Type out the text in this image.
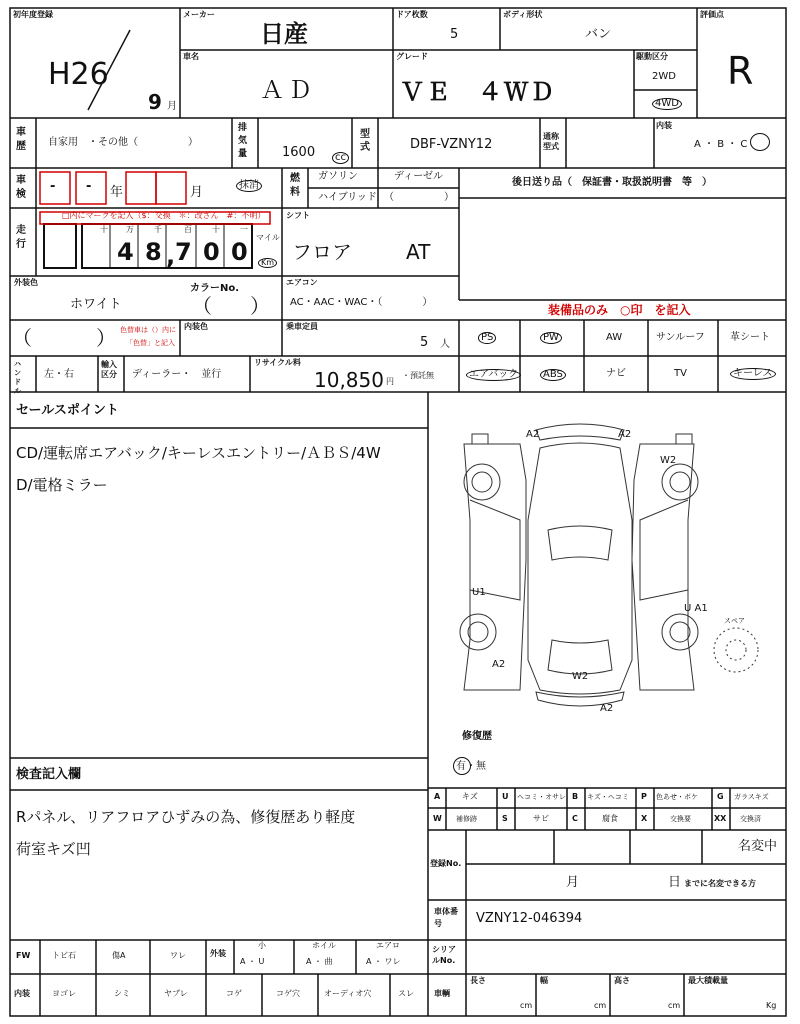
初年度登録
H26
9 月
メーカー
日産
ドア枚数
5
ボディ形状
バン
評価点
R
車名
ＡＤ
グレード
ＶＥ　４ＷＤ
駆動区分
2WD
4WD
車歴 自家用　・その他（　　　　　）
排気量	1600	cc
型式	DBF-VZNY12
通称型式
内装
A ・ B ・ C
車検
- - 年	月	抹消
燃料
ガソリン	ディーゼル
ハイブリッド （　　　　　）
後日送り品（　保証書・取扱説明書　等　）
走行
□内にマークを記入（$：交換　＊：改ざん　#：不明）
十 万	千	百	十	一
4 8 , 7 0 0
マイル
Km
シフト
フロア	AT
外装色
ホワイト
カラーNo.
（ ）
（	） 色替車は（）内に
「色替」と記入
内装色
エアコン
AC・AAC・WAC・（　　　　）
乗車定員
5 人
装備品のみ　○印　を記入
PS	PW	AW	サンルーフ	革シート
エアバック	ABS	ナビ	TV	キーレス
ハンドル
左・右
輸入区分	ディーラー・　並行
リサイクル料
10,850 円
・預託無
セールスポイント
CD/運転席エアバック/キーレスエントリー/ＡＢＳ/4W
D/電格ミラー
A2	A2
W2
U1
U A1
A2
W2
A2
スペア
修復歴
有・無
検査記入欄
Rパネル、リアフロアひずみの為、修復歴あり軽度
荷室キズ凹
A	キズ	U ヘコミ・オサレ B キズ・ヘコミ P 色あせ・ボケ G ガラスキズ
W 補修跡	S	サビ	C	腐食	X	交換要	XX 交換済
登録No.
名変中
月	日 までに名変できる方
車体番号	VZNY12-046394
FW	トビ石	傷A	ワレ	外装
小
A ・ U
ホイル
A ・ 曲
エアロ
A ・ ワレ
シリアルNo.
内装	ヨゴレ	シミ	ヤブレ	コゲ	コゲ穴	オーディオ穴	スレ	車輌
長さ
cm
幅
cm
高さ
cm
最大積載量
Kg
